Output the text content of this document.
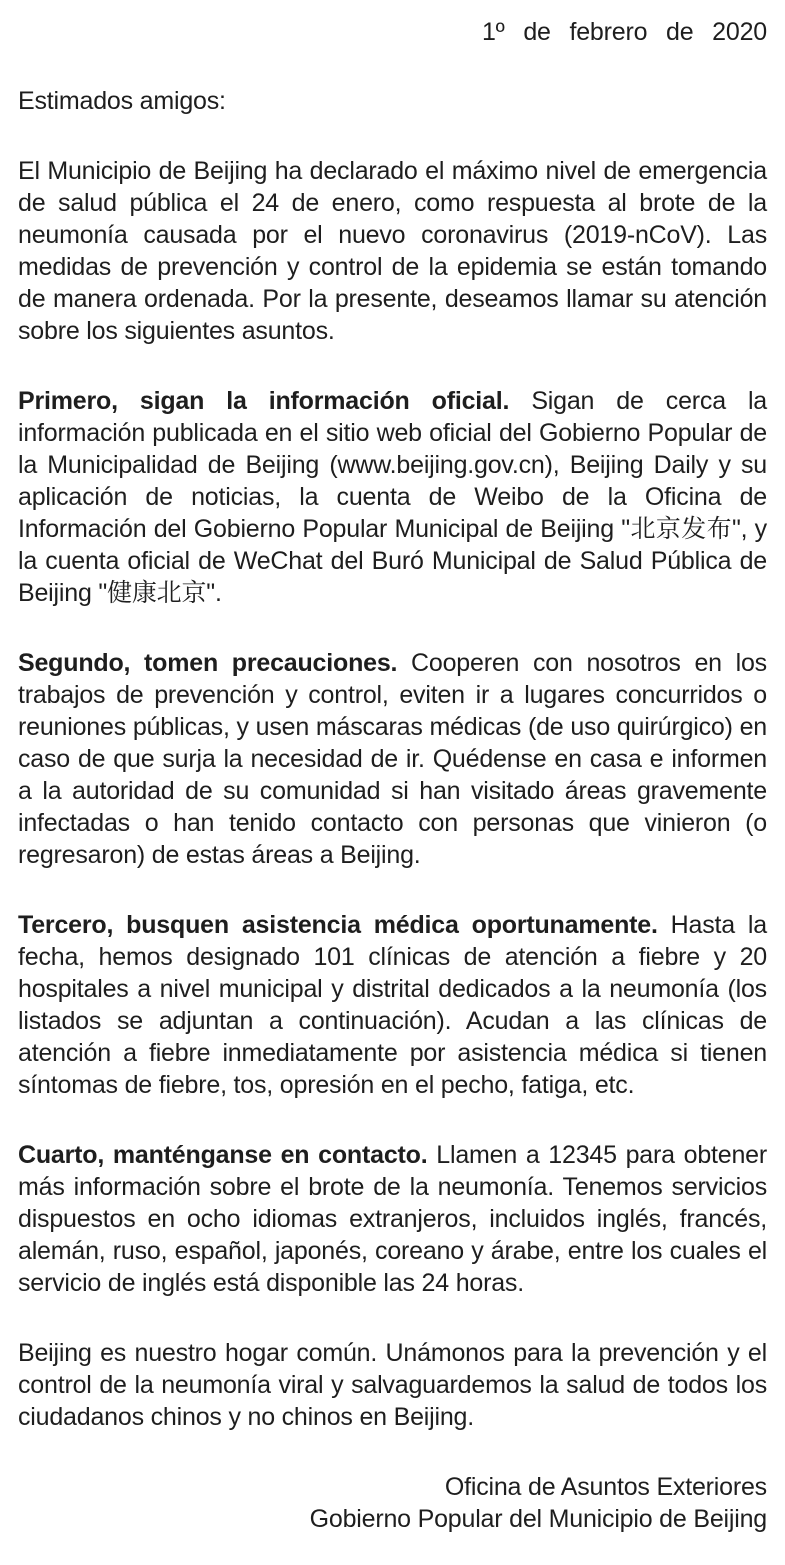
1º de febrero de 2020

Estimados amigos:

El Municipio de Beijing ha declarado el máximo nivel de emergencia de salud pública el 24 de enero, como respuesta al brote de la neumonía causada por el nuevo coronavirus (2019-nCoV). Las medidas de prevención y control de la epidemia se están tomando de manera ordenada. Por la presente, deseamos llamar su atención sobre los siguientes asuntos.

Primero, sigan la información oficial. Sigan de cerca la información publicada en el sitio web oficial del Gobierno Popular de la Municipalidad de Beijing (www.beijing.gov.cn), Beijing Daily y su aplicación de noticias, la cuenta de Weibo de la Oficina de Información del Gobierno Popular Municipal de Beijing "北京发布", y la cuenta oficial de WeChat del Buró Municipal de Salud Pública de Beijing "健康北京".

Segundo, tomen precauciones. Cooperen con nosotros en los trabajos de prevención y control, eviten ir a lugares concurridos o reuniones públicas, y usen máscaras médicas (de uso quirúrgico) en caso de que surja la necesidad de ir. Quédense en casa e informen a la autoridad de su comunidad si han visitado áreas gravemente infectadas o han tenido contacto con personas que vinieron (o regresaron) de estas áreas a Beijing.

Tercero, busquen asistencia médica oportunamente. Hasta la fecha, hemos designado 101 clínicas de atención a fiebre y 20 hospitales a nivel municipal y distrital dedicados a la neumonía (los listados se adjuntan a continuación). Acudan a las clínicas de atención a fiebre inmediatamente por asistencia médica si tienen síntomas de fiebre, tos, opresión en el pecho, fatiga, etc.

Cuarto, manténganse en contacto. Llamen a 12345 para obtener más información sobre el brote de la neumonía. Tenemos servicios dispuestos en ocho idiomas extranjeros, incluidos inglés, francés, alemán, ruso, español, japonés, coreano y árabe, entre los cuales el servicio de inglés está disponible las 24 horas.

Beijing es nuestro hogar común. Unámonos para la prevención y el control de la neumonía viral y salvaguardemos la salud de todos los ciudadanos chinos y no chinos en Beijing.

Oficina de Asuntos Exteriores
Gobierno Popular del Municipio de Beijing
